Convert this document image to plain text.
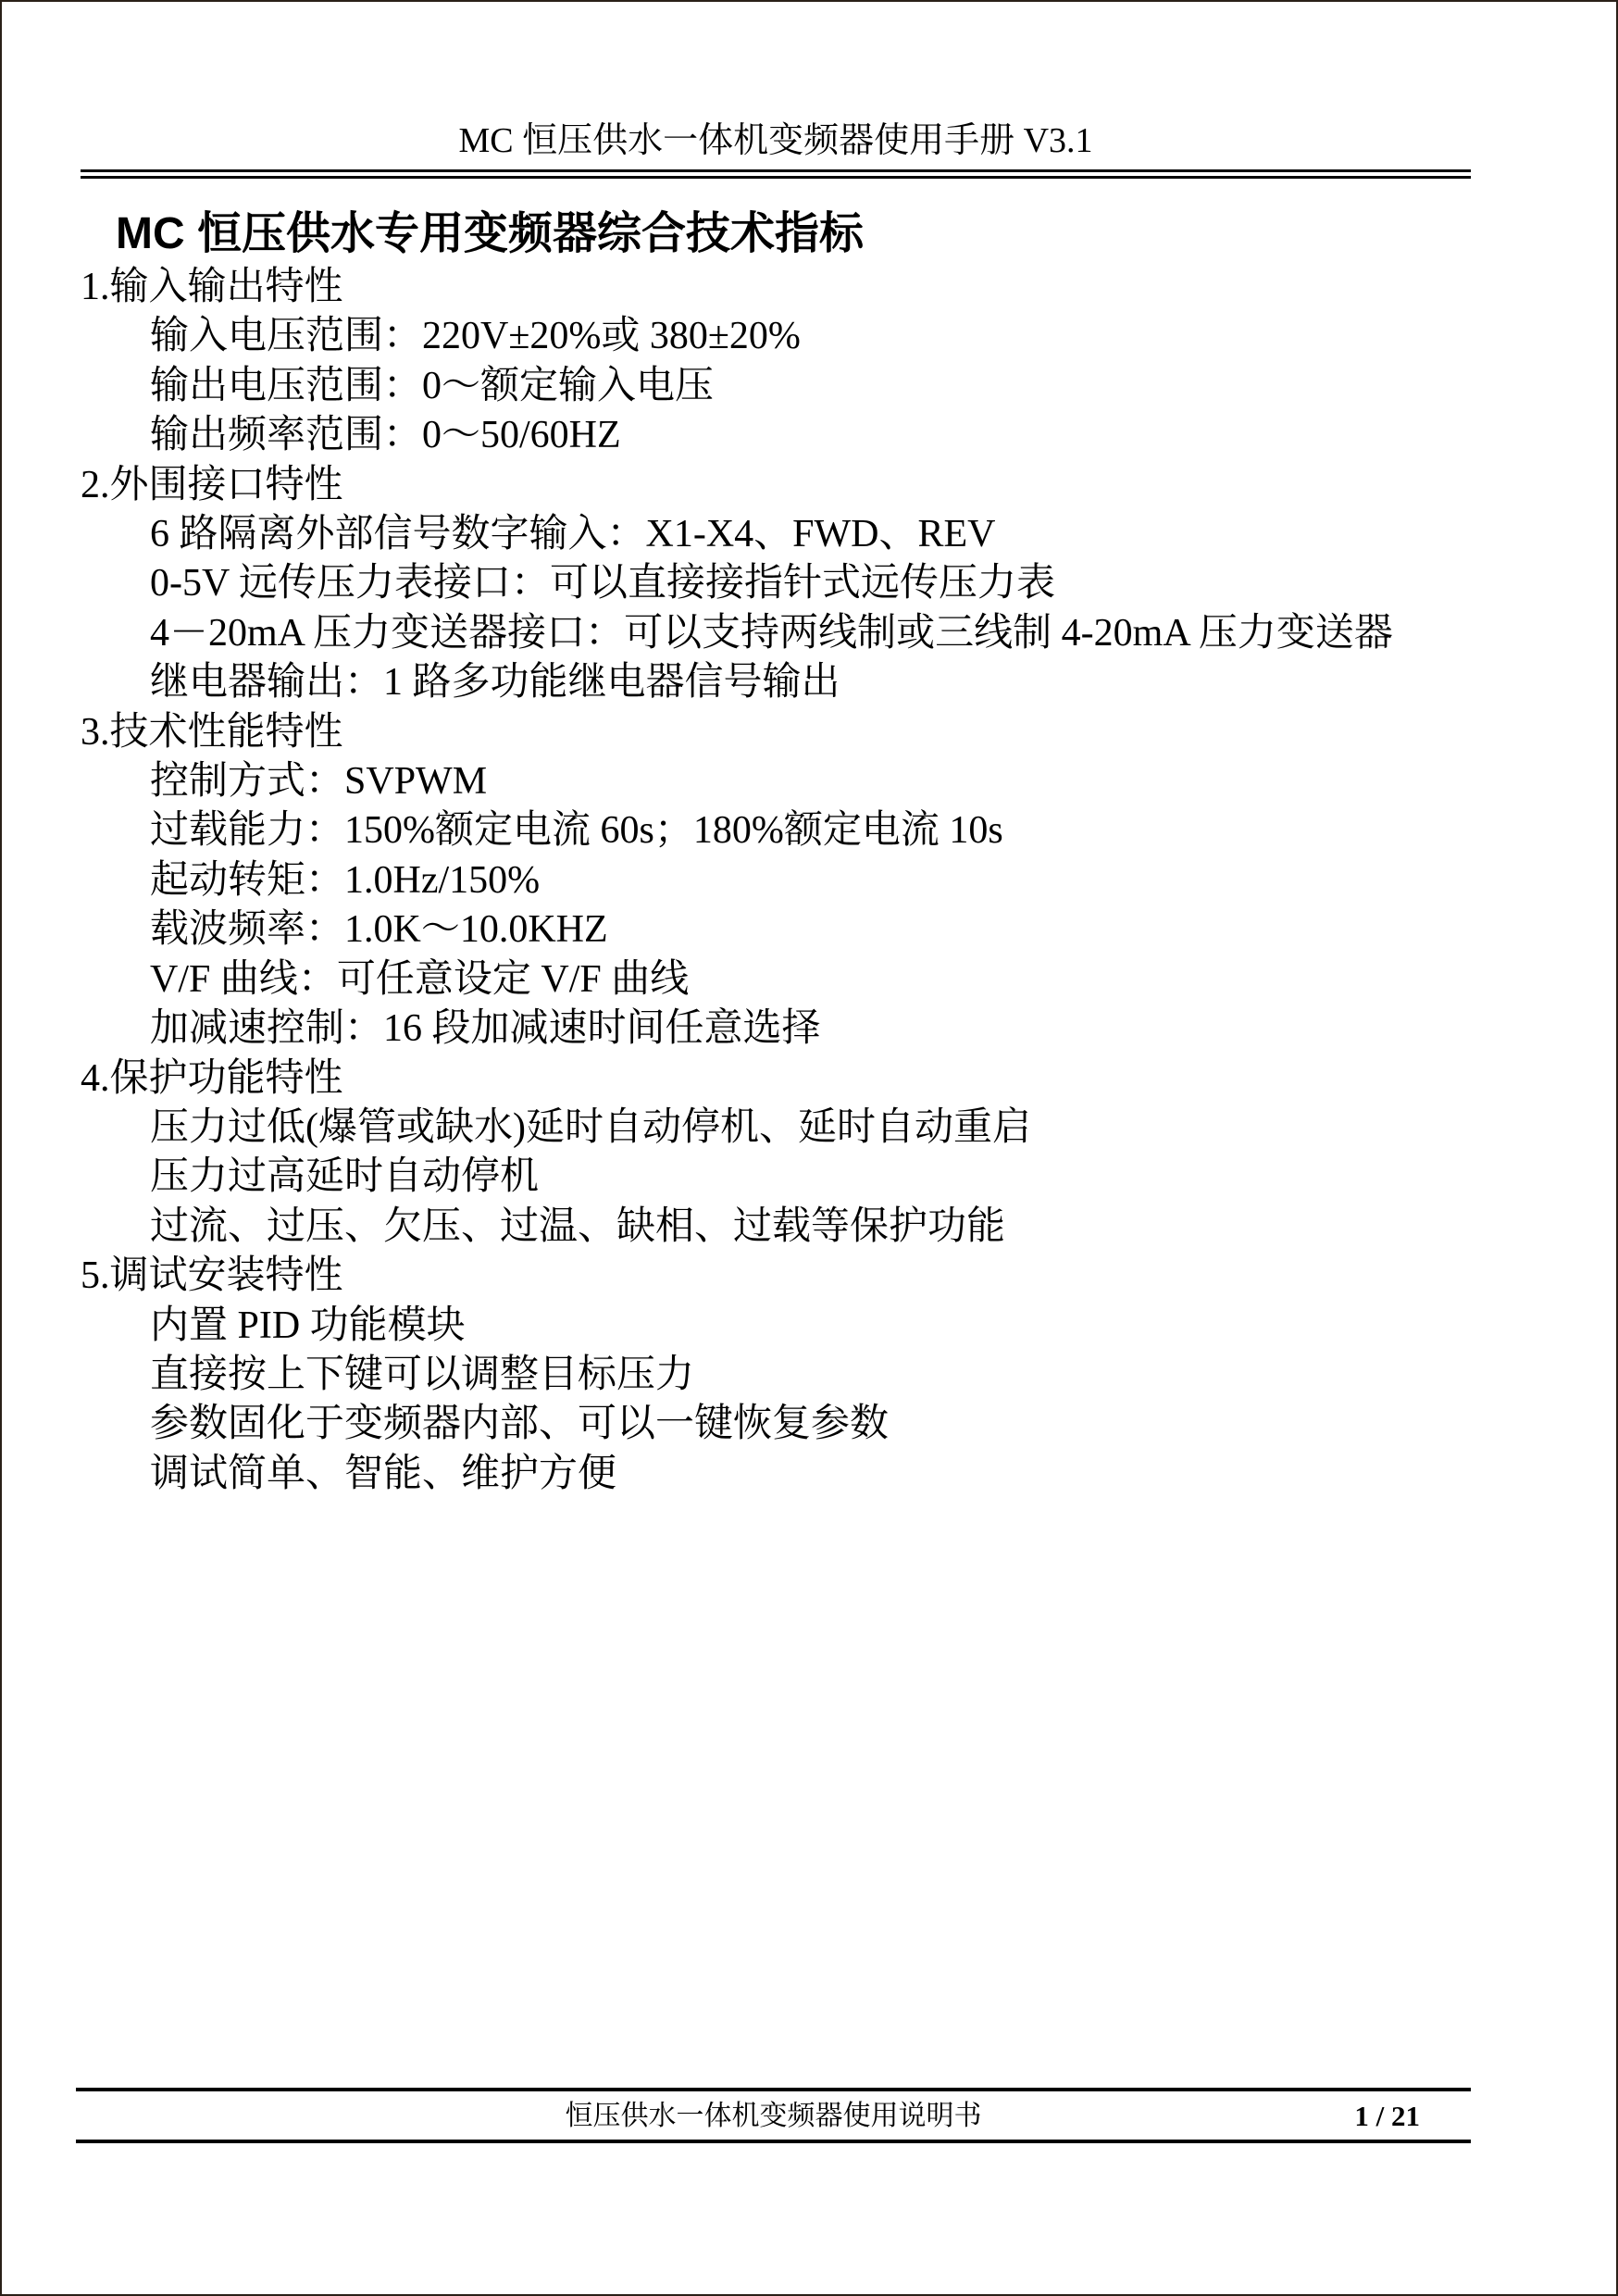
MC 恒压供水一体机变频器使用手册 V3.1
MC 恒压供水专用变频器综合技术指标
1.输入输出特性
输入电压范围：220V±20%或 380±20%
输出电压范围：0～额定输入电压
输出频率范围：0～50/60HZ
2.外围接口特性
6 路隔离外部信号数字输入：X1-X4、FWD、REV
0-5V 远传压力表接口：可以直接接指针式远传压力表
4－20mA 压力变送器接口：可以支持两线制或三线制 4-20mA 压力变送器
继电器输出：1 路多功能继电器信号输出
3.技术性能特性
控制方式：SVPWM
过载能力：150%额定电流 60s；180%额定电流 10s
起动转矩：1.0Hz/150%
载波频率：1.0K～10.0KHZ
V/F 曲线：可任意设定 V/F 曲线
加减速控制：16 段加减速时间任意选择
4.保护功能特性
压力过低(爆管或缺水)延时自动停机、延时自动重启
压力过高延时自动停机
过流、过压、欠压、过温、缺相、过载等保护功能
5.调试安装特性
内置 PID 功能模块
直接按上下键可以调整目标压力
参数固化于变频器内部、可以一键恢复参数
调试简单、智能、维护方便
恒压供水一体机变频器使用说明书	1 / 21
